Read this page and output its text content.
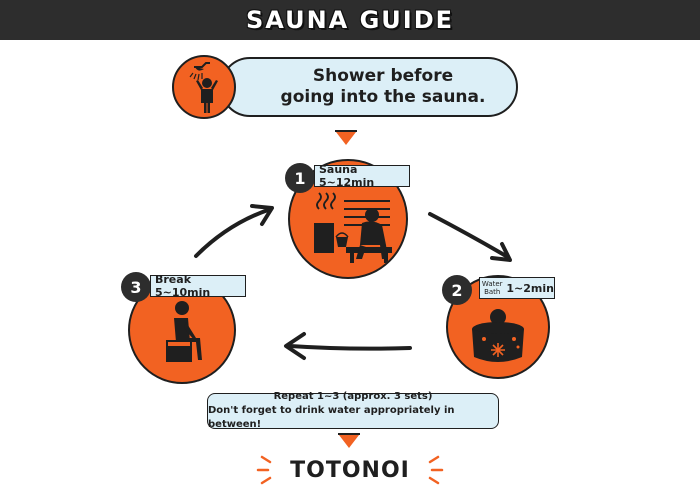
SAUNA GUIDE
Shower before
going into the sauna.
1	Sauna 5~12min
2	Water
Bath 1~2min
3	Break 5~10min
Repeat 1~3 (approx. 3 sets)
Don't forget to drink water appropriately in between!
TOTONOI
